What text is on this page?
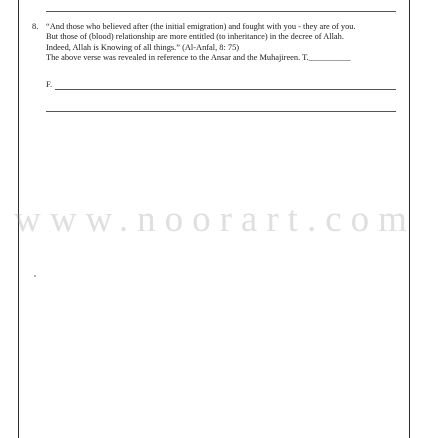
8. “And those who believed after (the initial emigration) and fought with you - they are of you.
But those of (blood) relationship are more entitled (to inheritance) in the decree of Allah.
Indeed, Allah is Knowing of all things.” (Al-Anfal, 8: 75)
The above verse was revealed in reference to the Ansar and the Muhajireen. T.__________
F.
www.noorart.com
